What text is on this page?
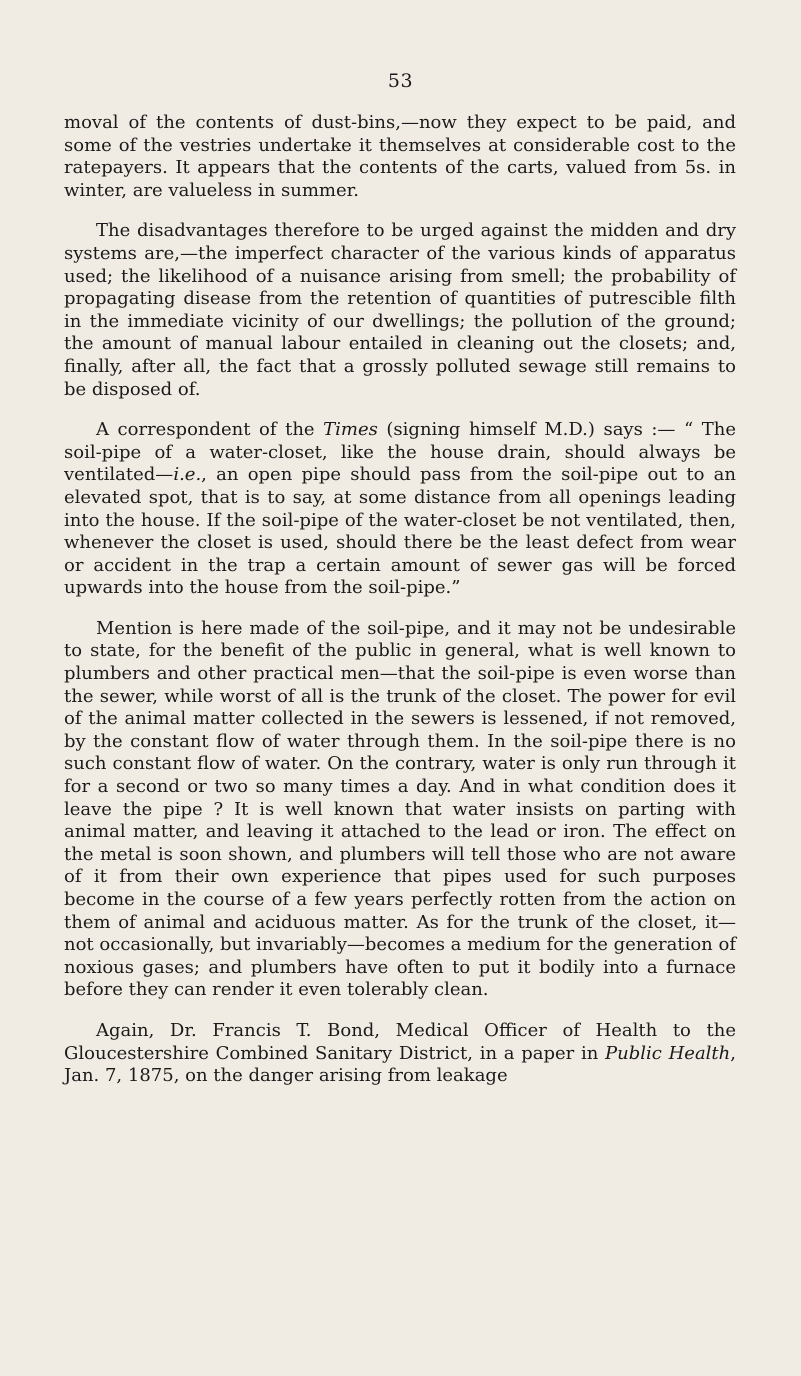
53

moval of the contents of dust-bins,—now they expect to be paid, and some of the vestries undertake it themselves at considerable cost to the ratepayers. It appears that the contents of the carts, valued from 5s. in winter, are valueless in summer.

The disadvantages therefore to be urged against the midden and dry systems are,—the imperfect character of the various kinds of apparatus used; the likelihood of a nuisance arising from smell; the probability of propagating disease from the retention of quantities of putrescible filth in the immediate vicinity of our dwellings; the pollution of the ground; the amount of manual labour entailed in cleaning out the closets; and, finally, after all, the fact that a grossly polluted sewage still remains to be disposed of.

A correspondent of the Times (signing himself M.D.) says :— “ The soil-pipe of a water-closet, like the house drain, should always be ventilated—i.e., an open pipe should pass from the soil-pipe out to an elevated spot, that is to say, at some distance from all openings leading into the house. If the soil-pipe of the water-closet be not ventilated, then, whenever the closet is used, should there be the least defect from wear or accident in the trap a certain amount of sewer gas will be forced upwards into the house from the soil-pipe.”

Mention is here made of the soil-pipe, and it may not be undesirable to state, for the benefit of the public in general, what is well known to plumbers and other practical men—that the soil-pipe is even worse than the sewer, while worst of all is the trunk of the closet. The power for evil of the animal matter collected in the sewers is lessened, if not removed, by the constant flow of water through them. In the soil-pipe there is no such constant flow of water. On the contrary, water is only run through it for a second or two so many times a day. And in what condition does it leave the pipe ? It is well known that water insists on parting with animal matter, and leaving it attached to the lead or iron. The effect on the metal is soon shown, and plumbers will tell those who are not aware of it from their own experience that pipes used for such purposes become in the course of a few years perfectly rotten from the action on them of animal and aciduous matter. As for the trunk of the closet, it—not occasionally, but invariably—becomes a medium for the generation of noxious gases; and plumbers have often to put it bodily into a furnace before they can render it even tolerably clean.

Again, Dr. Francis T. Bond, Medical Officer of Health to the Gloucestershire Combined Sanitary District, in a paper in Public Health, Jan. 7, 1875, on the danger arising from leakage
